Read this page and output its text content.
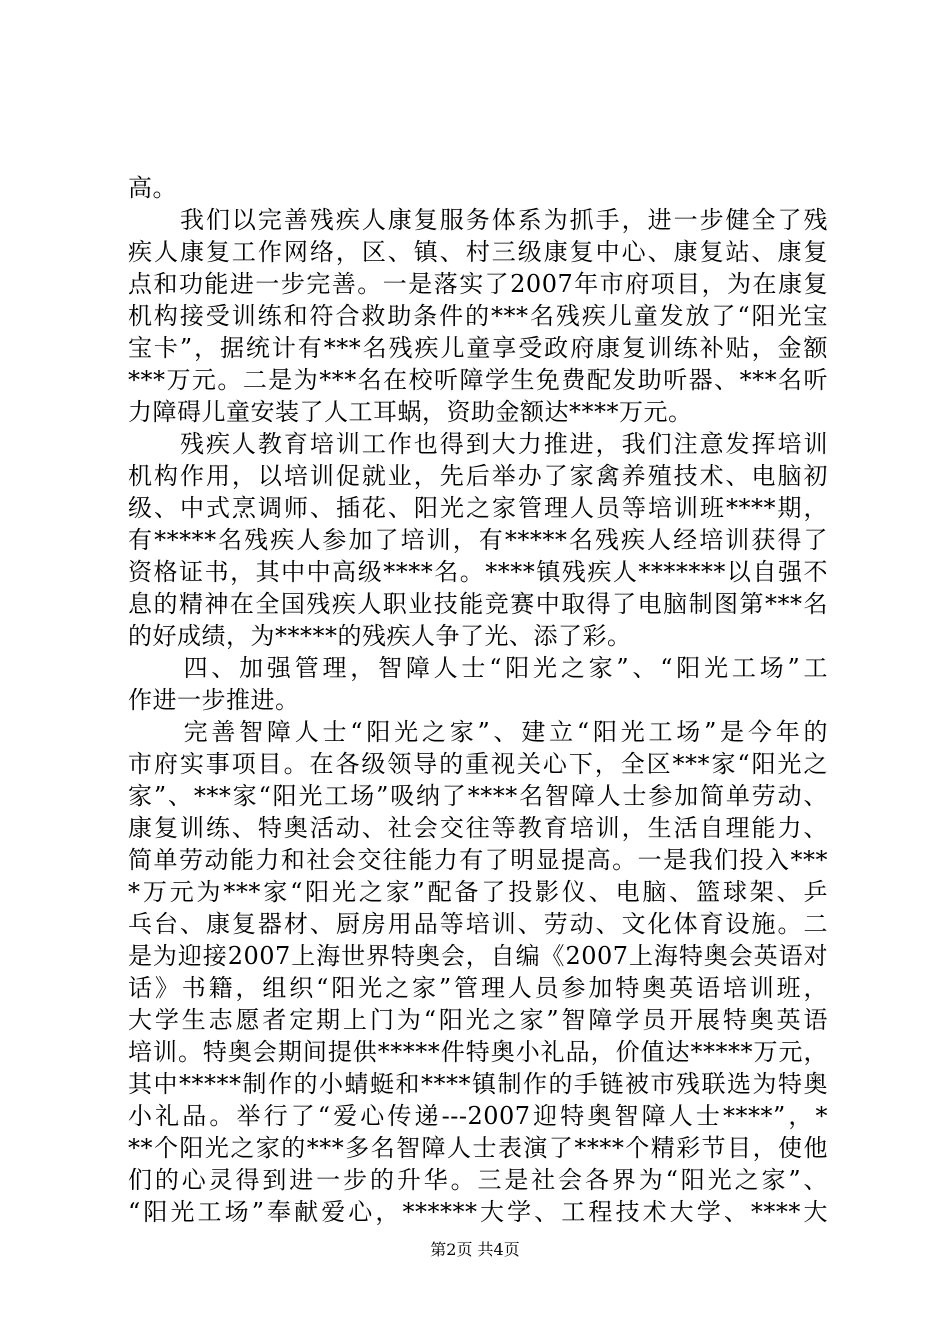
高。
　　我们以完善残疾人康复服务体系为抓手，进一步健全了残
疾人康复工作网络，区、镇、村三级康复中心、康复站、康复
点和功能进一步完善。一是落实了2007年市府项目，为在康复
机构接受训练和符合救助条件的***名残疾儿童发放了“阳光宝
宝卡”，据统计有***名残疾儿童享受政府康复训练补贴，金额
***万元。二是为***名在校听障学生免费配发助听器、***名听
力障碍儿童安装了人工耳蜗，资助金额达****万元。
　　残疾人教育培训工作也得到大力推进，我们注意发挥培训
机构作用，以培训促就业，先后举办了家禽养殖技术、电脑初
级、中式烹调师、插花、阳光之家管理人员等培训班****期，
有*****名残疾人参加了培训，有*****名残疾人经培训获得了
资格证书，其中中高级****名。****镇残疾人*******以自强不
息的精神在全国残疾人职业技能竞赛中取得了电脑制图第***名
的好成绩，为*****的残疾人争了光、添了彩。
　　四、加强管理，智障人士“阳光之家”、“阳光工场”工
作进一步推进。
　　完善智障人士“阳光之家”、建立“阳光工场”是今年的
市府实事项目。在各级领导的重视关心下，全区***家“阳光之
家”、***家“阳光工场”吸纳了****名智障人士参加简单劳动、
康复训练、特奥活动、社会交往等教育培训，生活自理能力、
简单劳动能力和社会交往能力有了明显提高。一是我们投入***
*万元为***家“阳光之家”配备了投影仪、电脑、篮球架、乒
乓台、康复器材、厨房用品等培训、劳动、文化体育设施。二
是为迎接2007上海世界特奥会，自编《2007上海特奥会英语对
话》书籍，组织“阳光之家”管理人员参加特奥英语培训班，
大学生志愿者定期上门为“阳光之家”智障学员开展特奥英语
培训。特奥会期间提供*****件特奥小礼品，价值达*****万元，
其中*****制作的小蜻蜓和****镇制作的手链被市残联选为特奥
小礼品。举行了“爱心传递---2007迎特奥智障人士****”，*
**个阳光之家的***多名智障人士表演了****个精彩节目，使他
们的心灵得到进一步的升华。三是社会各界为“阳光之家”、
“阳光工场”奉献爱心，******大学、工程技术大学、****大
第2页 共4页
